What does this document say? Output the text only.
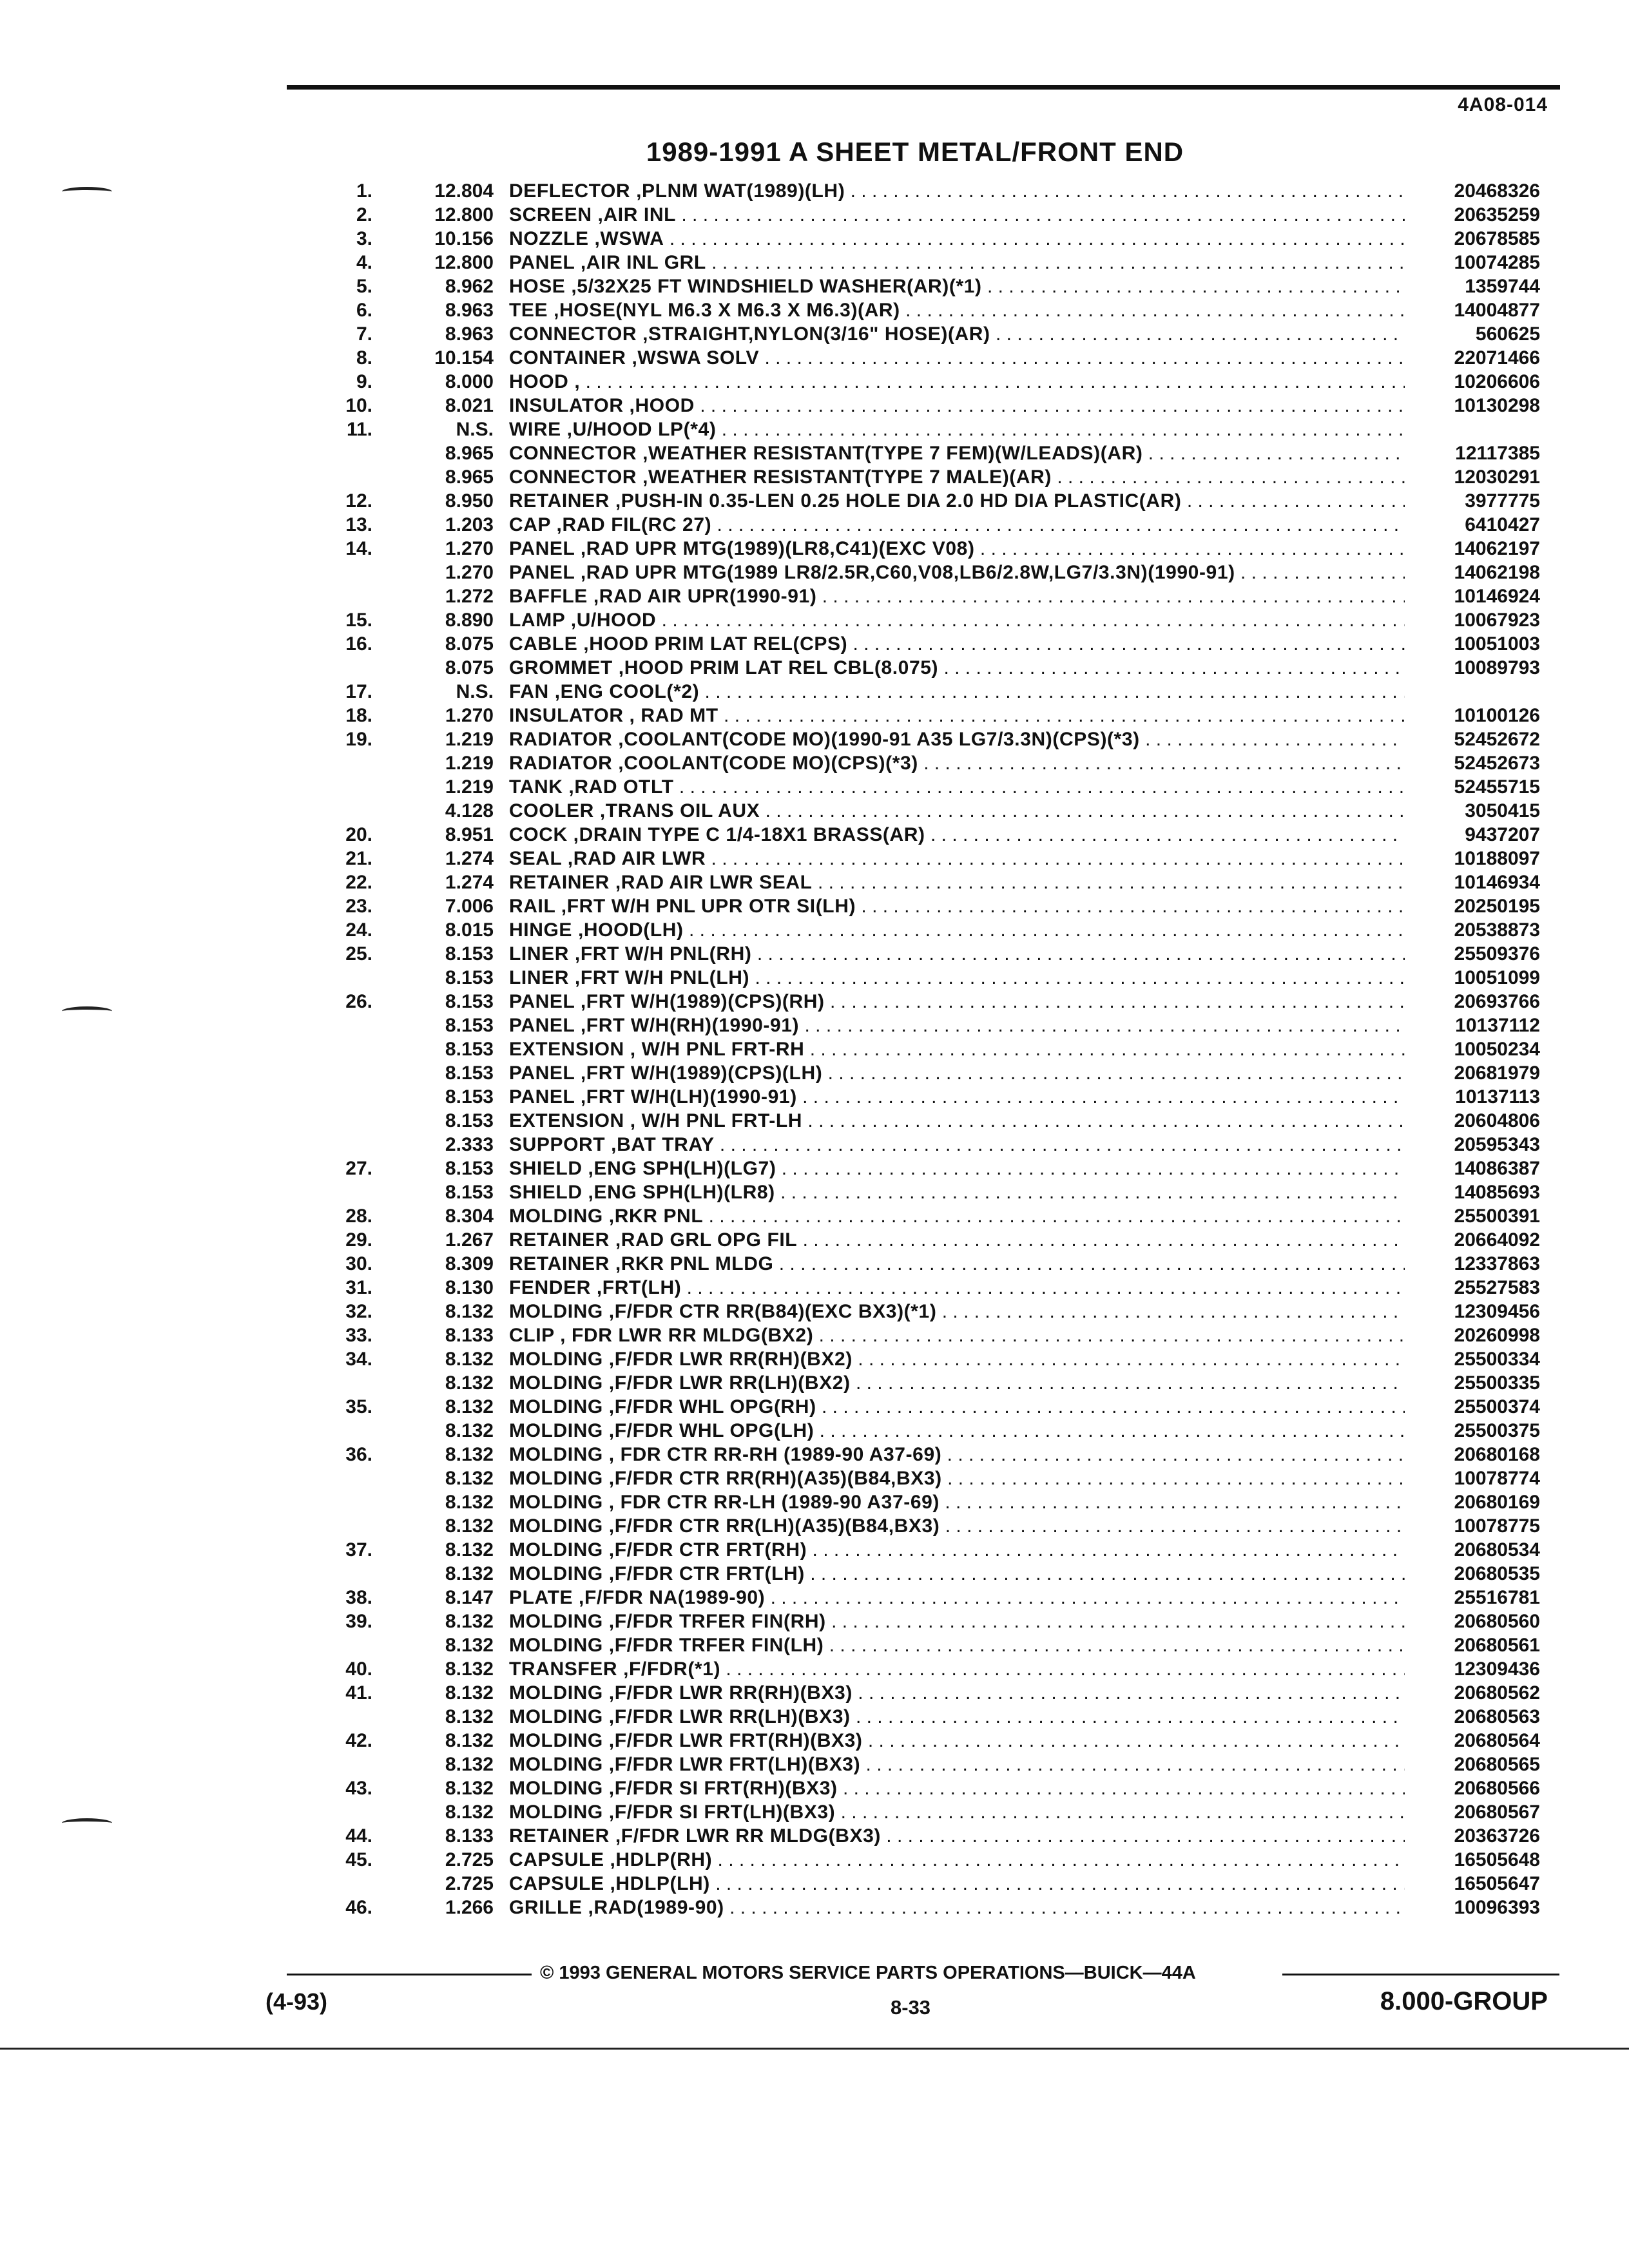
4A08-014
1989-1991 A SHEET METAL/FRONT END
1.	12.804 DEFLECTOR ,PLNM WAT(1989)(LH) . . .	20468326
2.	12.800 SCREEN ,AIR INL . . .	20635259
3.	10.156 NOZZLE ,WSWA . . .	20678585
4.	12.800 PANEL ,AIR INL GRL . . .	10074285
5.	8.962 HOSE ,5/32X25 FT WINDSHIELD WASHER(AR)(*1) . . .	1359744
6.	8.963 TEE ,HOSE(NYL M6.3 X M6.3 X M6.3)(AR) . . .	14004877
7.	8.963 CONNECTOR ,STRAIGHT,NYLON(3/16" HOSE)(AR) . . .	560625
8.	10.154 CONTAINER ,WSWA SOLV . . .	22071466
9.	8.000 HOOD , . . .	10206606
10.	8.021 INSULATOR ,HOOD . . .	10130298
11.	N.S. WIRE ,U/HOOD LP(*4) . . .
8.965 CONNECTOR ,WEATHER RESISTANT(TYPE 7 FEM)(W/LEADS)(AR) . . .	12117385
8.965 CONNECTOR ,WEATHER RESISTANT(TYPE 7 MALE)(AR) . . .	12030291
12.	8.950 RETAINER ,PUSH-IN 0.35-LEN 0.25 HOLE DIA 2.0 HD DIA PLASTIC(AR) . . .	3977775
13.	1.203 CAP ,RAD FIL(RC 27) . . .	6410427
14.	1.270 PANEL ,RAD UPR MTG(1989)(LR8,C41)(EXC V08) . . .	14062197
1.270 PANEL ,RAD UPR MTG(1989 LR8/2.5R,C60,V08,LB6/2.8W,LG7/3.3N)(1990-91) . . .	14062198
1.272 BAFFLE ,RAD AIR UPR(1990-91) . . .	10146924
15.	8.890 LAMP ,U/HOOD . . .	10067923
16.	8.075 CABLE ,HOOD PRIM LAT REL(CPS) . . .	10051003
8.075 GROMMET ,HOOD PRIM LAT REL CBL(8.075) . . .	10089793
17.	N.S. FAN ,ENG COOL(*2) . . .
18.	1.270 INSULATOR , RAD MT . . .	10100126
19.	1.219 RADIATOR ,COOLANT(CODE MO)(1990-91 A35 LG7/3.3N)(CPS)(*3) . . .	52452672
1.219 RADIATOR ,COOLANT(CODE MO)(CPS)(*3) . . .	52452673
1.219 TANK ,RAD OTLT . . .	52455715
4.128 COOLER ,TRANS OIL AUX . . .	3050415
20.	8.951 COCK ,DRAIN TYPE C 1/4-18X1 BRASS(AR) . . .	9437207
21.	1.274 SEAL ,RAD AIR LWR . . .	10188097
22.	1.274 RETAINER ,RAD AIR LWR SEAL . . .	10146934
23.	7.006 RAIL ,FRT W/H PNL UPR OTR SI(LH) . . .	20250195
24.	8.015 HINGE ,HOOD(LH) . . .	20538873
25.	8.153 LINER ,FRT W/H PNL(RH) . . .	25509376
8.153 LINER ,FRT W/H PNL(LH) . . .	10051099
26.	8.153 PANEL ,FRT W/H(1989)(CPS)(RH) . . .	20693766
8.153 PANEL ,FRT W/H(RH)(1990-91) . . .	10137112
8.153 EXTENSION , W/H PNL FRT-RH . . .	10050234
8.153 PANEL ,FRT W/H(1989)(CPS)(LH) . . .	20681979
8.153 PANEL ,FRT W/H(LH)(1990-91) . . .	10137113
8.153 EXTENSION , W/H PNL FRT-LH . . .	20604806
2.333 SUPPORT ,BAT TRAY . . .	20595343
27.	8.153 SHIELD ,ENG SPH(LH)(LG7) . . .	14086387
8.153 SHIELD ,ENG SPH(LH)(LR8) . . .	14085693
28.	8.304 MOLDING ,RKR PNL . . .	25500391
29.	1.267 RETAINER ,RAD GRL OPG FIL . . .	20664092
30.	8.309 RETAINER ,RKR PNL MLDG . . .	12337863
31.	8.130 FENDER ,FRT(LH) . . .	25527583
32.	8.132 MOLDING ,F/FDR CTR RR(B84)(EXC BX3)(*1) . . .	12309456
33.	8.133 CLIP , FDR LWR RR MLDG(BX2) . . .	20260998
34.	8.132 MOLDING ,F/FDR LWR RR(RH)(BX2) . . .	25500334
8.132 MOLDING ,F/FDR LWR RR(LH)(BX2) . . .	25500335
35.	8.132 MOLDING ,F/FDR WHL OPG(RH) . . .	25500374
8.132 MOLDING ,F/FDR WHL OPG(LH) . . .	25500375
36.	8.132 MOLDING , FDR CTR RR-RH (1989-90 A37-69) . . .	20680168
8.132 MOLDING ,F/FDR CTR RR(RH)(A35)(B84,BX3) . . .	10078774
8.132 MOLDING , FDR CTR RR-LH (1989-90 A37-69) . . .	20680169
8.132 MOLDING ,F/FDR CTR RR(LH)(A35)(B84,BX3) . . .	10078775
37.	8.132 MOLDING ,F/FDR CTR FRT(RH) . . .	20680534
8.132 MOLDING ,F/FDR CTR FRT(LH) . . .	20680535
38.	8.147 PLATE ,F/FDR NA(1989-90) . . .	25516781
39.	8.132 MOLDING ,F/FDR TRFER FIN(RH) . . .	20680560
8.132 MOLDING ,F/FDR TRFER FIN(LH) . . .	20680561
40.	8.132 TRANSFER ,F/FDR(*1) . . .	12309436
41.	8.132 MOLDING ,F/FDR LWR RR(RH)(BX3) . . .	20680562
8.132 MOLDING ,F/FDR LWR RR(LH)(BX3) . . .	20680563
42.	8.132 MOLDING ,F/FDR LWR FRT(RH)(BX3) . . .	20680564
8.132 MOLDING ,F/FDR LWR FRT(LH)(BX3) . . .	20680565
43.	8.132 MOLDING ,F/FDR SI FRT(RH)(BX3) . . .	20680566
8.132 MOLDING ,F/FDR SI FRT(LH)(BX3) . . .	20680567
44.	8.133 RETAINER ,F/FDR LWR RR MLDG(BX3) . . .	20363726
45.	2.725 CAPSULE ,HDLP(RH) . . .	16505648
2.725 CAPSULE ,HDLP(LH) . . .	16505647
46.	1.266 GRILLE ,RAD(1989-90) . . .	10096393
© 1993 GENERAL MOTORS SERVICE PARTS OPERATIONS—BUICK—44A
(4-93)	8-33	8.000-GROUP
